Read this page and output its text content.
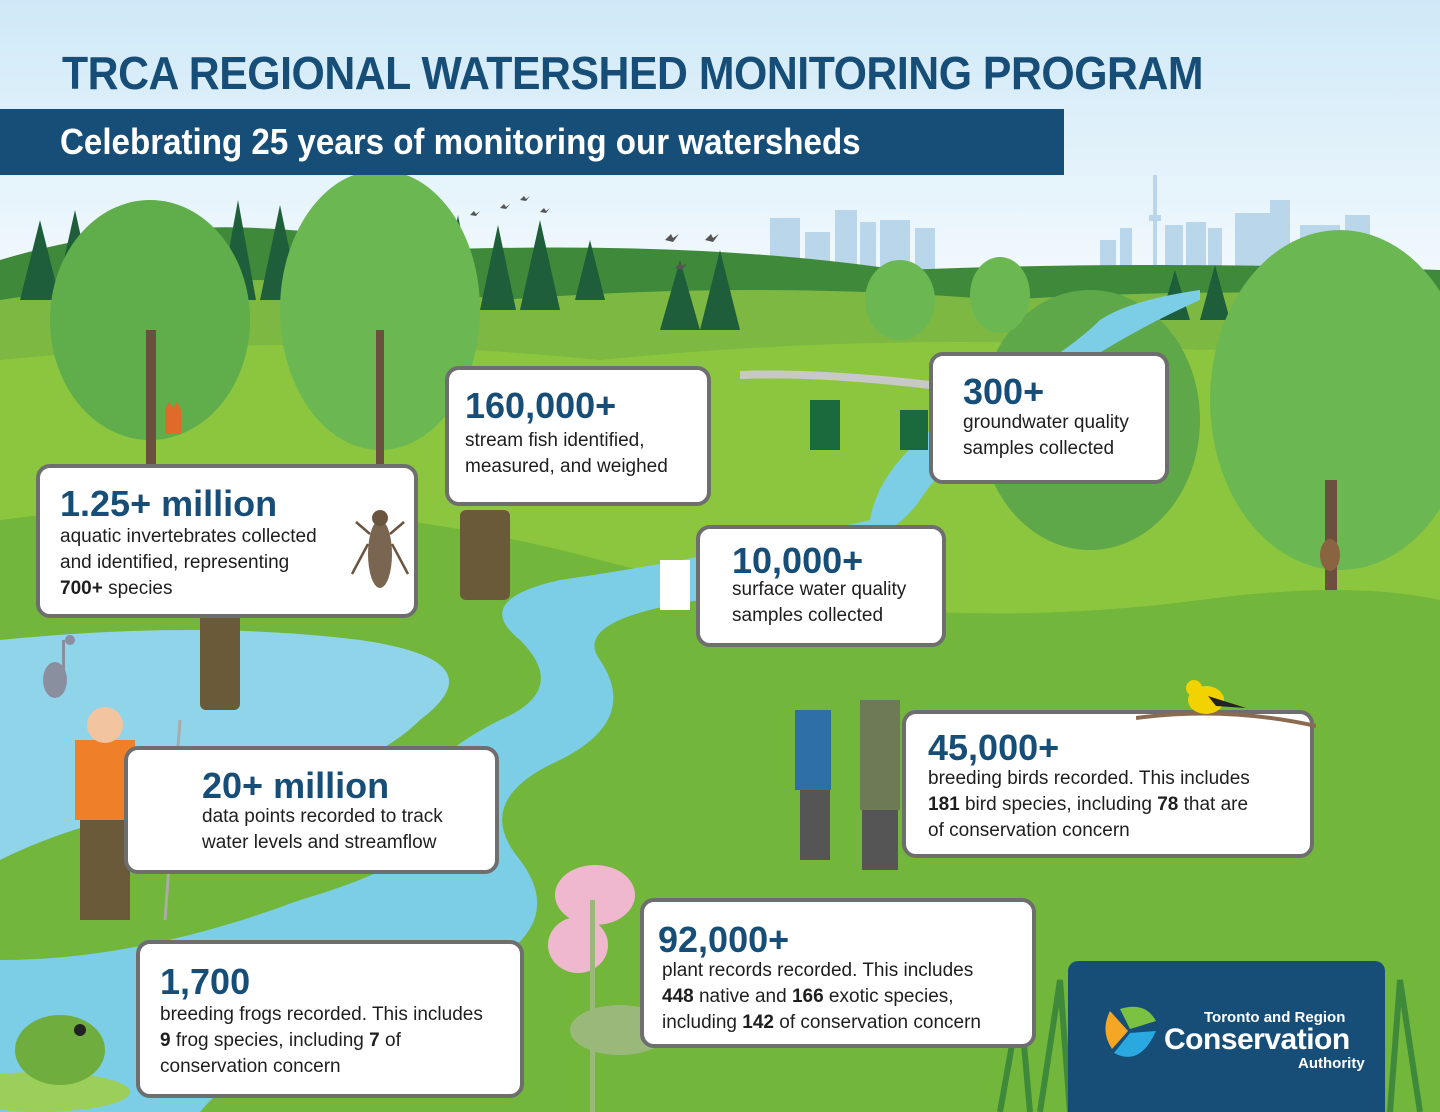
TRCA REGIONAL WATERSHED MONITORING PROGRAM
Celebrating 25 years of monitoring our watersheds
1.25+ million
aquatic invertebrates collected
and identified, representing
700+ species
160,000+
stream fish identified,
measured, and weighed
300+
groundwater quality
samples collected
10,000+
surface water quality
samples collected
20+ million
data points recorded to track
water levels and streamflow
45,000+
breeding birds recorded. This includes
181 bird species, including 78 that are
of conservation concern
92,000+
plant records recorded. This includes
448 native and 166 exotic species,
including 142 of conservation concern
1,700
breeding frogs recorded. This includes
9 frog species, including 7 of
conservation concern
Toronto and Region
Conservation
Authority
